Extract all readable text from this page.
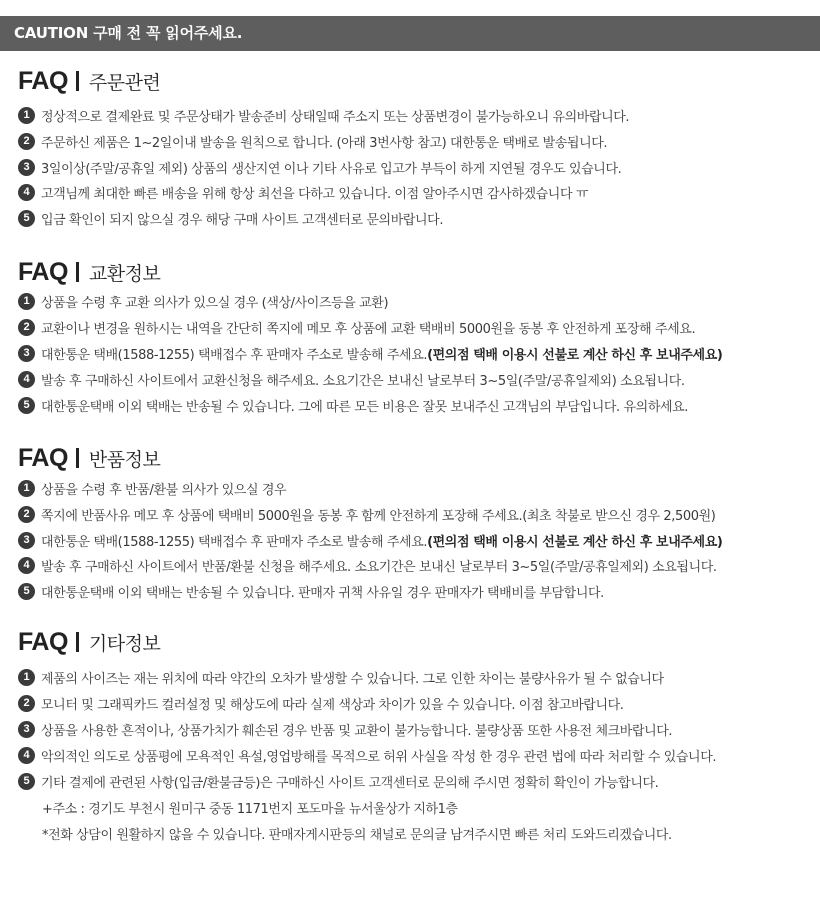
CAUTION 구매 전 꼭 읽어주세요.
FAQ 주문관련
1 정상적으로 결제완료 및 주문상태가 발송준비 상태일때 주소지 또는 상품변경이 불가능하오니 유의바랍니다.
2 주문하신 제품은 1~2일이내 발송을 원칙으로 합니다. (아래 3번사항 참고) 대한통운 택배로 발송됩니다.
3 3일이상(주말/공휴일 제외) 상품의 생산지연 이나 기타 사유로 입고가 부득이 하게 지연될 경우도 있습니다.
4 고객님께 최대한 빠른 배송을 위해 항상 최선을 다하고 있습니다. 이점 알아주시면 감사하겠습니다 ㅠ
5 입금 확인이 되지 않으실 경우 해당 구매 사이트 고객센터로 문의바랍니다.
FAQ 교환정보
1 상품을 수령 후 교환 의사가 있으실 경우 (색상/사이즈등을 교환)
2 교환이나 변경을 원하시는 내역을 간단히 쪽지에 메모 후 상품에 교환 택배비 5000원을 동봉 후 안전하게 포장해 주세요.
3 대한통운 택배(1588-1255) 택배접수 후 판매자 주소로 발송해 주세요.(편의점 택배 이용시 선불로 계산 하신 후 보내주세요)
4 발송 후 구매하신 사이트에서 교환신청을 해주세요. 소요기간은 보내신 날로부터 3~5일(주말/공휴일제외) 소요됩니다.
5 대한통운택배 이외 택배는 반송될 수 있습니다. 그에 따른 모든 비용은 잘못 보내주신 고객님의 부담입니다. 유의하세요.
FAQ 반품정보
1 상품을 수령 후 반품/환불 의사가 있으실 경우
2 쪽지에 반품사유 메모 후 상품에 택배비 5000원을 동봉 후 함께 안전하게 포장해 주세요.(최초 착불로 받으신 경우 2,500원)
3 대한통운 택배(1588-1255) 택배접수 후 판매자 주소로 발송해 주세요.(편의점 택배 이용시 선불로 계산 하신 후 보내주세요)
4 발송 후 구매하신 사이트에서 반품/환불 신청을 해주세요. 소요기간은 보내신 날로부터 3~5일(주말/공휴일제외) 소요됩니다.
5 대한통운택배 이외 택배는 반송될 수 있습니다. 판매자 귀책 사유일 경우 판매자가 택배비를 부담합니다.
FAQ 기타정보
1 제품의 사이즈는 재는 위치에 따라 약간의 오차가 발생할 수 있습니다. 그로 인한 차이는 불량사유가 될 수 없습니다
2 모니터 및 그래픽카드 컬러설정 및 해상도에 따라 실제 색상과 차이가 있을 수 있습니다. 이점 참고바랍니다.
3 상품을 사용한 흔적이나, 상품가치가 훼손된 경우 반품 및 교환이 불가능합니다. 불량상품 또한 사용전 체크바랍니다.
4 악의적인 의도로 상품평에 모욕적인 욕설,영업방해를 목적으로 허위 사실을 작성 한 경우 관련 법에 따라 처리할 수 있습니다.
5 기타 결제에 관련된 사항(입금/환불금등)은 구매하신 사이트 고객센터로 문의해 주시면 정확히 확인이 가능합니다.
+주소 : 경기도 부천시 원미구 중동 1171번지 포도마을 뉴서울상가 지하1층
*전화 상담이 원활하지 않을 수 있습니다. 판매자게시판등의 채널로 문의글 남겨주시면 빠른 처리 도와드리겠습니다.
